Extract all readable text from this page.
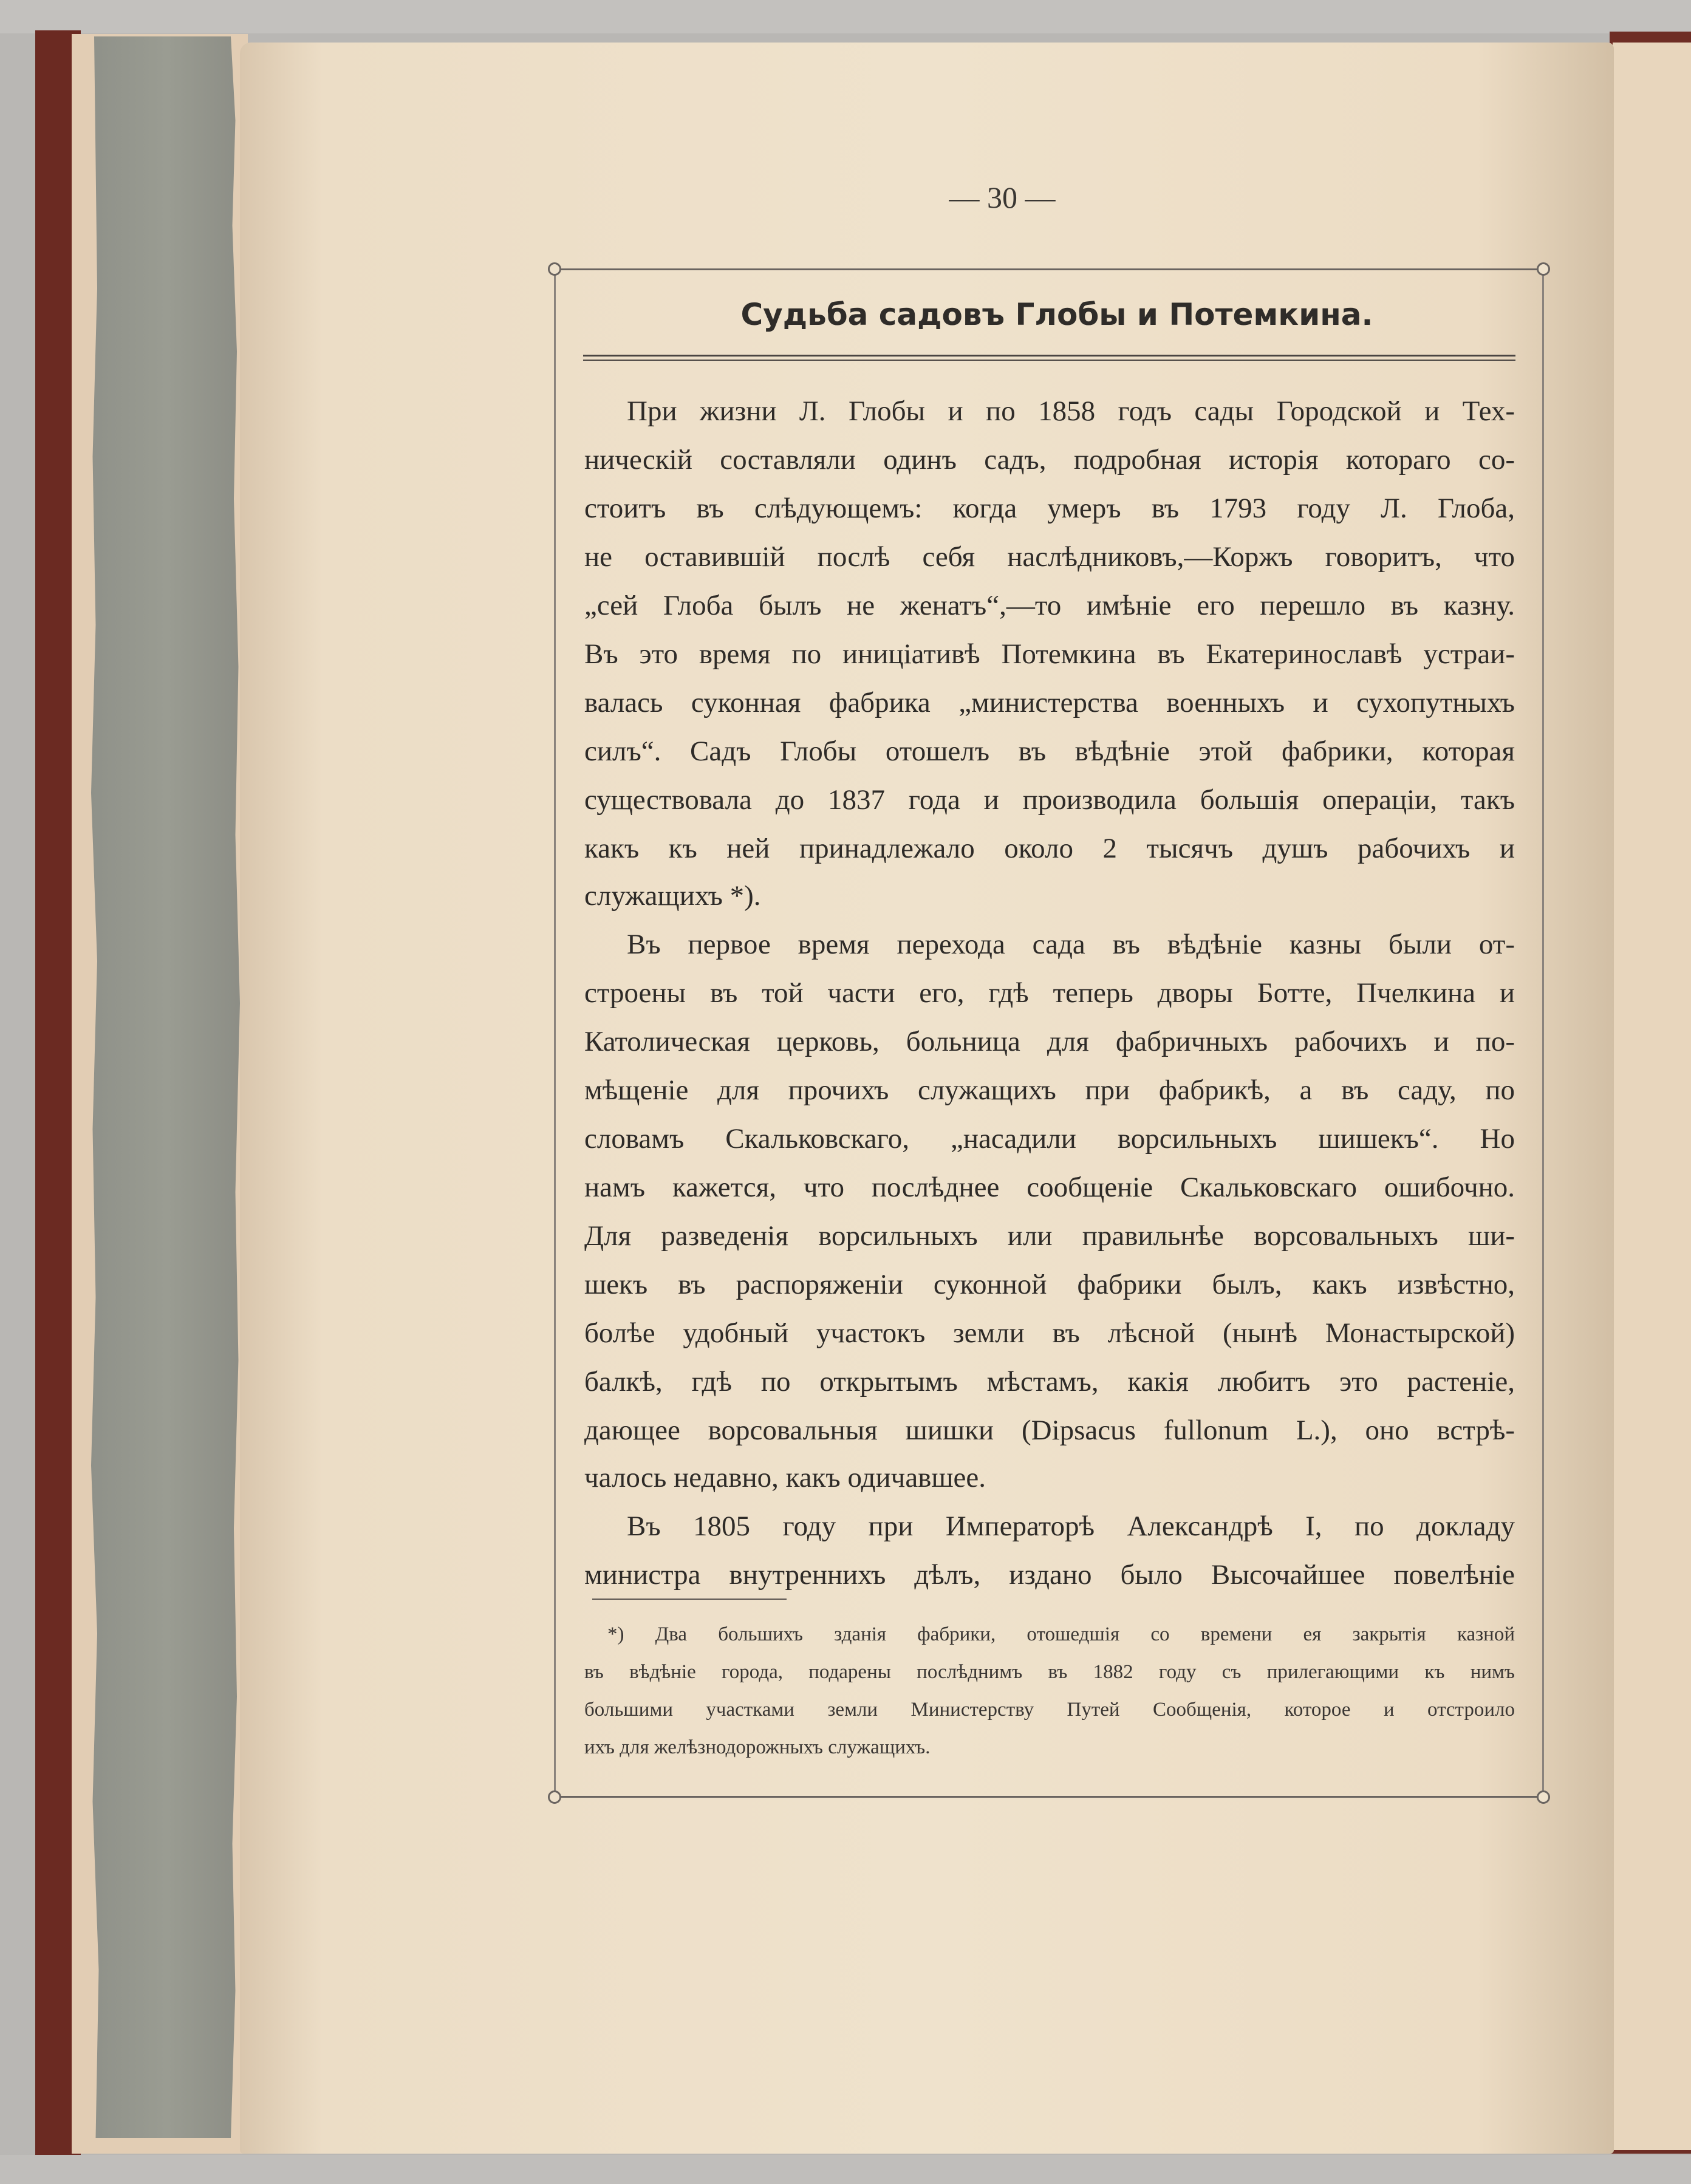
— 30 —
Судьба садовъ Глобы и Потемкина.
При жизни Л. Глобы и по 1858 годъ сады Городской и Тех-
ническій составляли одинъ садъ, подробная исторія котораго со-
стоитъ въ слѣдующемъ: когда умеръ въ 1793 году Л. Глоба,
не оставившій послѣ себя наслѣдниковъ,—Коржъ говоритъ, что
„сей Глоба былъ не женатъ“,—то имѣніе его перешло въ казну.
Въ это время по иниціативѣ Потемкина въ Екатеринославѣ устраи-
валась суконная фабрика „министерства военныхъ и сухопутныхъ
силъ“. Садъ Глобы отошелъ въ вѣдѣніе этой фабрики, которая
существовала до 1837 года и производила большія операціи, такъ
какъ къ ней принадлежало около 2 тысячъ душъ рабочихъ и
служащихъ *).
Въ первое время перехода сада въ вѣдѣніе казны были от-
строены въ той части его, гдѣ теперь дворы Ботте, Пчелкина и
Католическая церковь, больница для фабричныхъ рабочихъ и по-
мѣщеніе для прочихъ служащихъ при фабрикѣ, а въ саду, по
словамъ Скальковскаго, „насадили ворсильныхъ шишекъ“. Но
намъ кажется, что послѣднее сообщеніе Скальковскаго ошибочно.
Для разведенія ворсильныхъ или правильнѣе ворсовальныхъ ши-
шекъ въ распоряженіи суконной фабрики былъ, какъ извѣстно,
болѣе удобный участокъ земли въ лѣсной (нынѣ Монастырской)
балкѣ, гдѣ по открытымъ мѣстамъ, какія любитъ это растеніе,
дающее ворсовальныя шишки (Dipsacus fullonum L.), оно встрѣ-
чалось недавно, какъ одичавшее.
Въ 1805 году при Императорѣ Александрѣ I, по докладу
министра внутреннихъ дѣлъ, издано было Высочайшее повелѣніе
*) Два большихъ зданія фабрики, отошедшія со времени ея закрытія казной
въ вѣдѣніе города, подарены послѣднимъ въ 1882 году съ прилегающими къ нимъ
большими участками земли Министерству Путей Сообщенія, которое и отстроило
ихъ для желѣзнодорожныхъ служащихъ.
